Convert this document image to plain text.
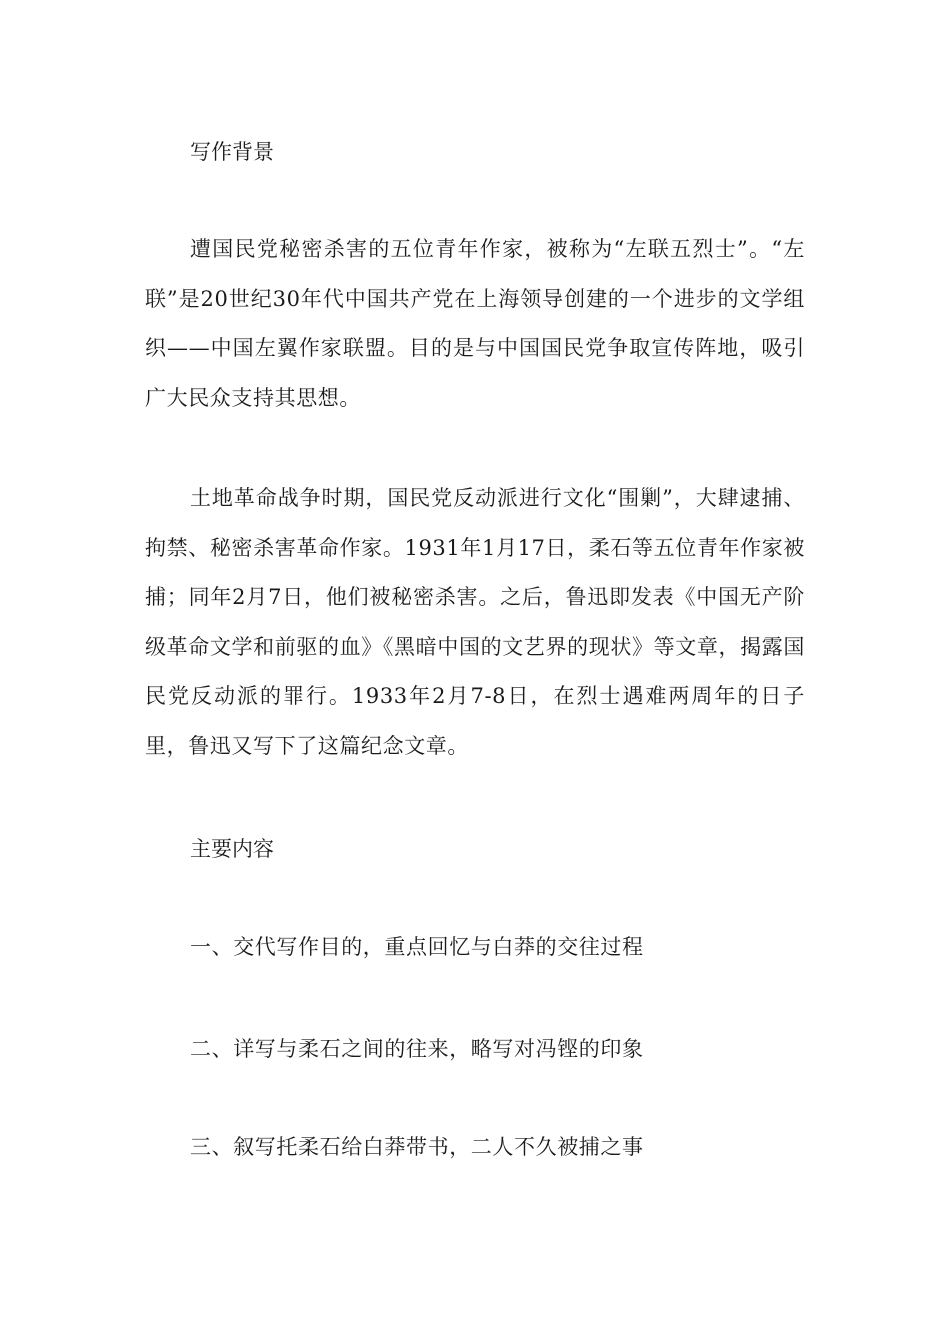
写作背景

遭国民党秘密杀害的五位青年作家，被称为“左联五烈士”。“左联”是20世纪30年代中国共产党在上海领导创建的一个进步的文学组织——中国左翼作家联盟。目的是与中国国民党争取宣传阵地，吸引广大民众支持其思想。

土地革命战争时期，国民党反动派进行文化“围剿”，大肆逮捕、拘禁、秘密杀害革命作家。1931年1月17日，柔石等五位青年作家被捕；同年2月7日，他们被秘密杀害。之后，鲁迅即发表《中国无产阶级革命文学和前驱的血》《黑暗中国的文艺界的现状》等文章，揭露国民党反动派的罪行。1933年2月7-8日，在烈士遇难两周年的日子里，鲁迅又写下了这篇纪念文章。

主要内容
一、交代写作目的，重点回忆与白莽的交往过程
二、详写与柔石之间的往来，略写对冯铿的印象
三、叙写托柔石给白莽带书，二人不久被捕之事
